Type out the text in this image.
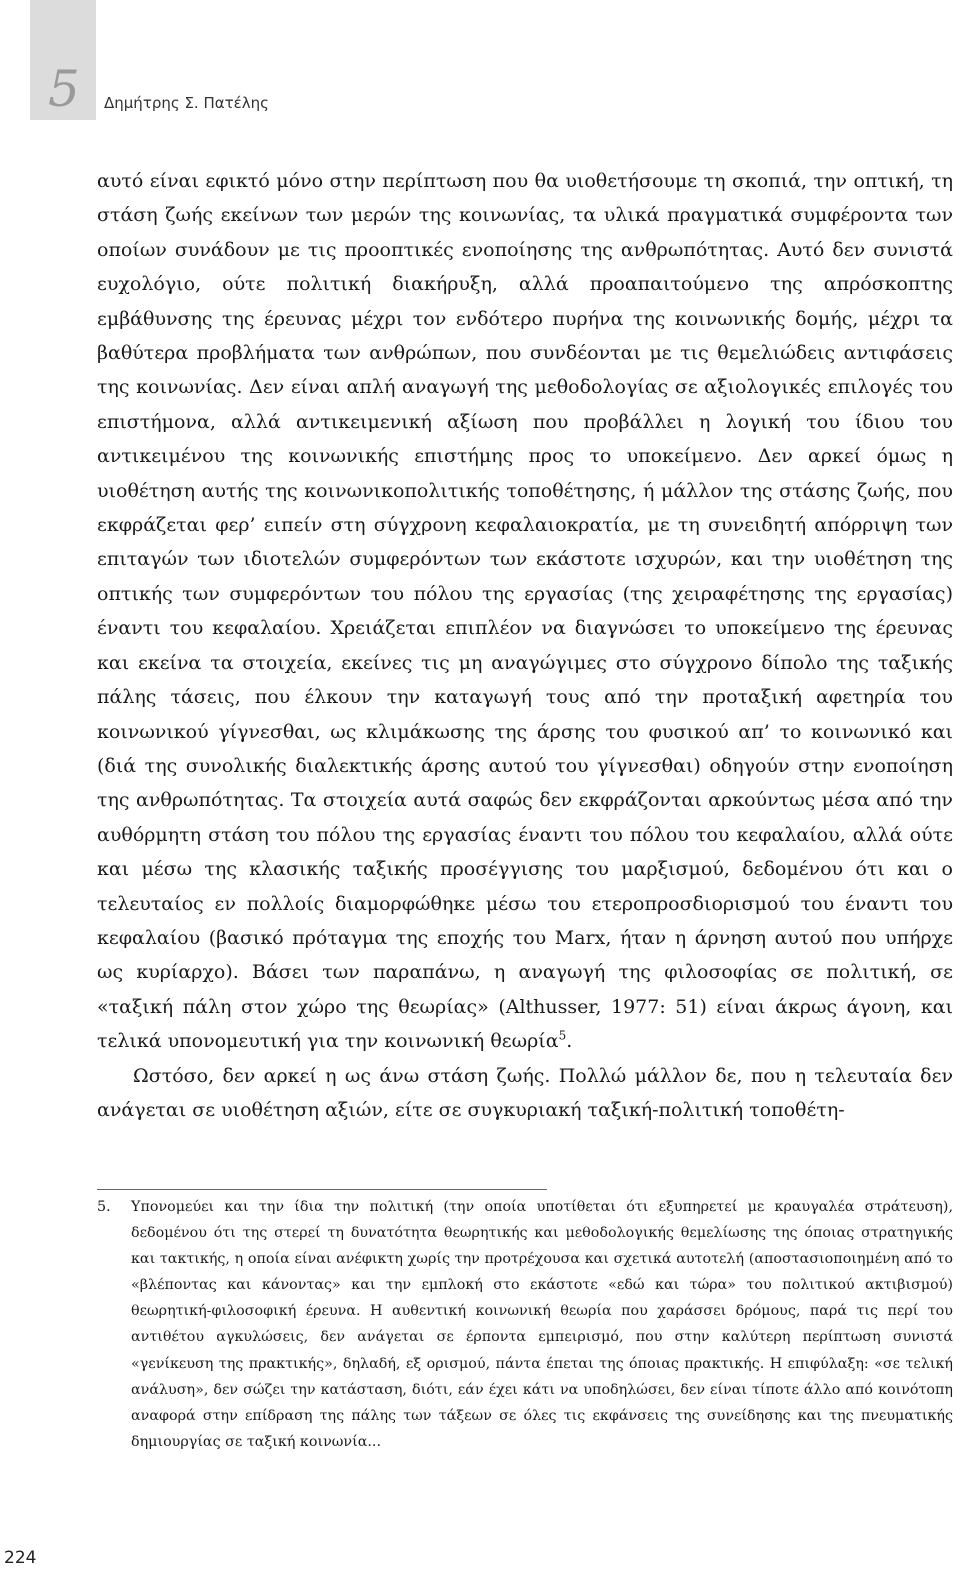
5 Δημήτρης Σ. Πατέλης

αυτό είναι εφικτό μόνο στην περίπτωση που θα υιοθετήσουμε τη σκοπιά, την οπτική, τη στάση ζωής εκείνων των μερών της κοινωνίας, τα υλικά πραγματικά συμφέροντα των οποίων συνάδουν με τις προοπτικές ενοποίησης της ανθρωπότητας. Αυτό δεν συνιστά ευχολόγιο, ούτε πολιτική διακήρυξη, αλλά προαπαιτούμενο της απρόσκοπτης εμβάθυνσης της έρευνας μέχρι τον ενδότερο πυρήνα της κοινωνικής δομής, μέχρι τα βαθύτερα προβλήματα των ανθρώπων, που συνδέονται με τις θεμελιώδεις αντιφάσεις της κοινωνίας. Δεν είναι απλή αναγωγή της μεθοδολογίας σε αξιολογικές επιλογές του επιστήμονα, αλλά αντικειμενική αξίωση που προβάλλει η λογική του ίδιου του αντικειμένου της κοινωνικής επιστήμης προς το υποκείμενο. Δεν αρκεί όμως η υιοθέτηση αυτής της κοινωνικοπολιτικής τοποθέτησης, ή μάλλον της στάσης ζωής, που εκφράζεται φερ’ ειπείν στη σύγχρονη κεφαλαιοκρατία, με τη συνειδητή απόρριψη των επιταγών των ιδιοτελών συμφερόντων των εκάστοτε ισχυρών, και την υιοθέτηση της οπτικής των συμφερόντων του πόλου της εργασίας (της χειραφέτησης της εργασίας) έναντι του κεφαλαίου. Χρειάζεται επιπλέον να διαγνώσει το υποκείμενο της έρευνας και εκείνα τα στοιχεία, εκείνες τις μη αναγώγιμες στο σύγχρονο δίπολο της ταξικής πάλης τάσεις, που έλκουν την καταγωγή τους από την προταξική αφετηρία του κοινωνικού γίγνεσθαι, ως κλιμάκωσης της άρσης του φυσικού απ’ το κοινωνικό και (διά της συνολικής διαλεκτικής άρσης αυτού του γίγνεσθαι) οδηγούν στην ενοποίηση της ανθρωπότητας. Τα στοιχεία αυτά σαφώς δεν εκφράζονται αρκούντως μέσα από την αυθόρμητη στάση του πόλου της εργασίας έναντι του πόλου του κεφαλαίου, αλλά ούτε και μέσω της κλασικής ταξικής προσέγγισης του μαρξισμού, δεδομένου ότι και ο τελευταίος εν πολλοίς διαμορφώθηκε μέσω του ετεροπροσδιορισμού του έναντι του κεφαλαίου (βασικό πρόταγμα της εποχής του Marx, ήταν η άρνηση αυτού που υπήρχε ως κυρίαρχο). Βάσει των παραπάνω, η αναγωγή της φιλοσοφίας σε πολιτική, σε «ταξική πάλη στον χώρο της θεωρίας» (Althusser, 1977: 51) είναι άκρως άγονη, και τελικά υπονομευτική για την κοινωνική θεωρία$^5$.

Ωστόσο, δεν αρκεί η ως άνω στάση ζωής. Πολλώ μάλλον δε, που η τελευταία δεν ανάγεται σε υιοθέτηση αξιών, είτε σε συγκυριακή ταξική-πολιτική τοποθέτη-

5.	Υπονομεύει και την ίδια την πολιτική (την οποία υποτίθεται ότι εξυπηρετεί με κραυγαλέα στράτευση), δεδομένου ότι της στερεί τη δυνατότητα θεωρητικής και μεθοδολογικής θεμελίωσης της όποιας στρατηγικής και τακτικής, η οποία είναι ανέφικτη χωρίς την προτρέχουσα και σχετικά αυτοτελή (αποστασιοποιημένη από το «βλέποντας και κάνοντας» και την εμπλοκή στο εκάστοτε «εδώ και τώρα» του πολιτικού ακτιβισμού) θεωρητική-φιλοσοφική έρευνα. Η αυθεντική κοινωνική θεωρία που χαράσσει δρόμους, παρά τις περί του αντιθέτου αγκυλώσεις, δεν ανάγεται σε έρποντα εμπειρισμό, που στην καλύτερη περίπτωση συνιστά «γενίκευση της πρακτικής», δηλαδή, εξ ορισμού, πάντα έπεται της όποιας πρακτικής. Η επιφύλαξη: «σε τελική ανάλυση», δεν σώζει την κατάσταση, διότι, εάν έχει κάτι να υποδηλώσει, δεν είναι τίποτε άλλο από κοινότοπη αναφορά στην επίδραση της πάλης των τάξεων σε όλες τις εκφάνσεις της συνείδησης και της πνευματικής δημιουργίας σε ταξική κοινωνία...
224
